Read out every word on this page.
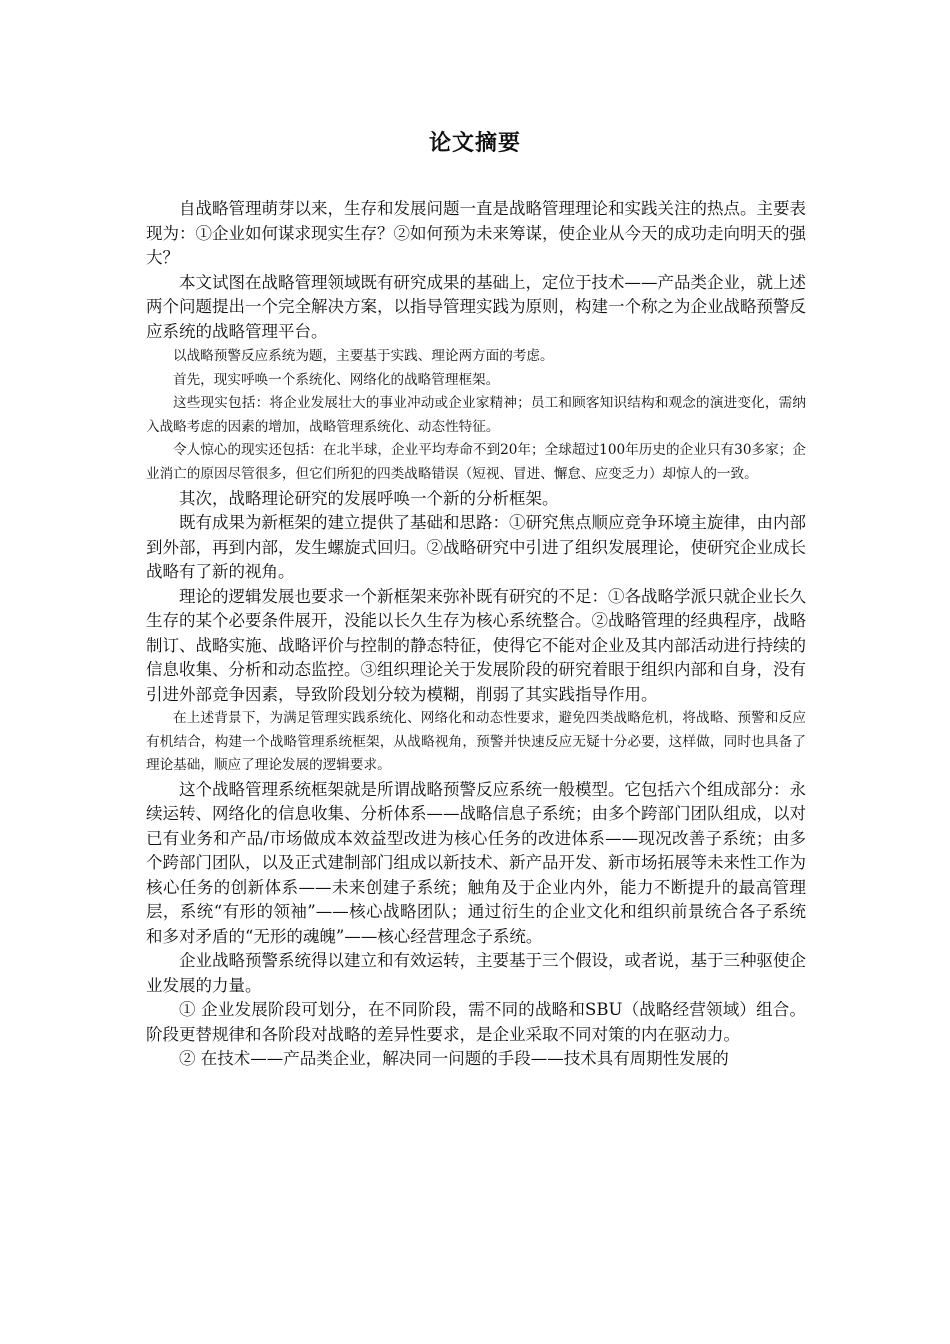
论文摘要

自战略管理萌芽以来，生存和发展问题一直是战略管理理论和实践关注的热点。主要表现为：①企业如何谋求现实生存？②如何预为未来筹谋，使企业从今天的成功走向明天的强大？

本文试图在战略管理领域既有研究成果的基础上，定位于技术——产品类企业，就上述两个问题提出一个完全解决方案，以指导管理实践为原则，构建一个称之为企业战略预警反应系统的战略管理平台。

以战略预警反应系统为题，主要基于实践、理论两方面的考虑。

首先，现实呼唤一个系统化、网络化的战略管理框架。

这些现实包括：将企业发展壮大的事业冲动或企业家精神；员工和顾客知识结构和观念的演进变化，需纳入战略考虑的因素的增加，战略管理系统化、动态性特征。

令人惊心的现实还包括：在北半球，企业平均寿命不到20年；全球超过100年历史的企业只有30多家；企业消亡的原因尽管很多，但它们所犯的四类战略错误（短视、冒进、懈怠、应变乏力）却惊人的一致。

其次，战略理论研究的发展呼唤一个新的分析框架。

既有成果为新框架的建立提供了基础和思路：①研究焦点顺应竞争环境主旋律，由内部到外部，再到内部，发生螺旋式回归。②战略研究中引进了组织发展理论，使研究企业成长战略有了新的视角。

理论的逻辑发展也要求一个新框架来弥补既有研究的不足：①各战略学派只就企业长久生存的某个必要条件展开，没能以长久生存为核心系统整合。②战略管理的经典程序，战略制订、战略实施、战略评价与控制的静态特征，使得它不能对企业及其内部活动进行持续的信息收集、分析和动态监控。③组织理论关于发展阶段的研究着眼于组织内部和自身，没有引进外部竞争因素，导致阶段划分较为模糊，削弱了其实践指导作用。

在上述背景下，为满足管理实践系统化、网络化和动态性要求，避免四类战略危机，将战略、预警和反应有机结合，构建一个战略管理系统框架，从战略视角，预警并快速反应无疑十分必要，这样做，同时也具备了理论基础，顺应了理论发展的逻辑要求。

这个战略管理系统框架就是所谓战略预警反应系统一般模型。它包括六个组成部分：永续运转、网络化的信息收集、分析体系——战略信息子系统；由多个跨部门团队组成，以对已有业务和产品/市场做成本效益型改进为核心任务的改进体系——现况改善子系统；由多个跨部门团队，以及正式建制部门组成以新技术、新产品开发、新市场拓展等未来性工作为核心任务的创新体系——未来创建子系统；触角及于企业内外，能力不断提升的最高管理层，系统“有形的领袖”——核心战略团队；通过衍生的企业文化和组织前景统合各子系统和多对矛盾的“无形的魂魄”——核心经营理念子系统。

企业战略预警系统得以建立和有效运转，主要基于三个假设，或者说，基于三种驱使企业发展的力量。

① 企业发展阶段可划分，在不同阶段，需不同的战略和SBU（战略经营领域）组合。阶段更替规律和各阶段对战略的差异性要求，是企业采取不同对策的内在驱动力。

② 在技术——产品类企业，解决同一问题的手段——技术具有周期性发展的
